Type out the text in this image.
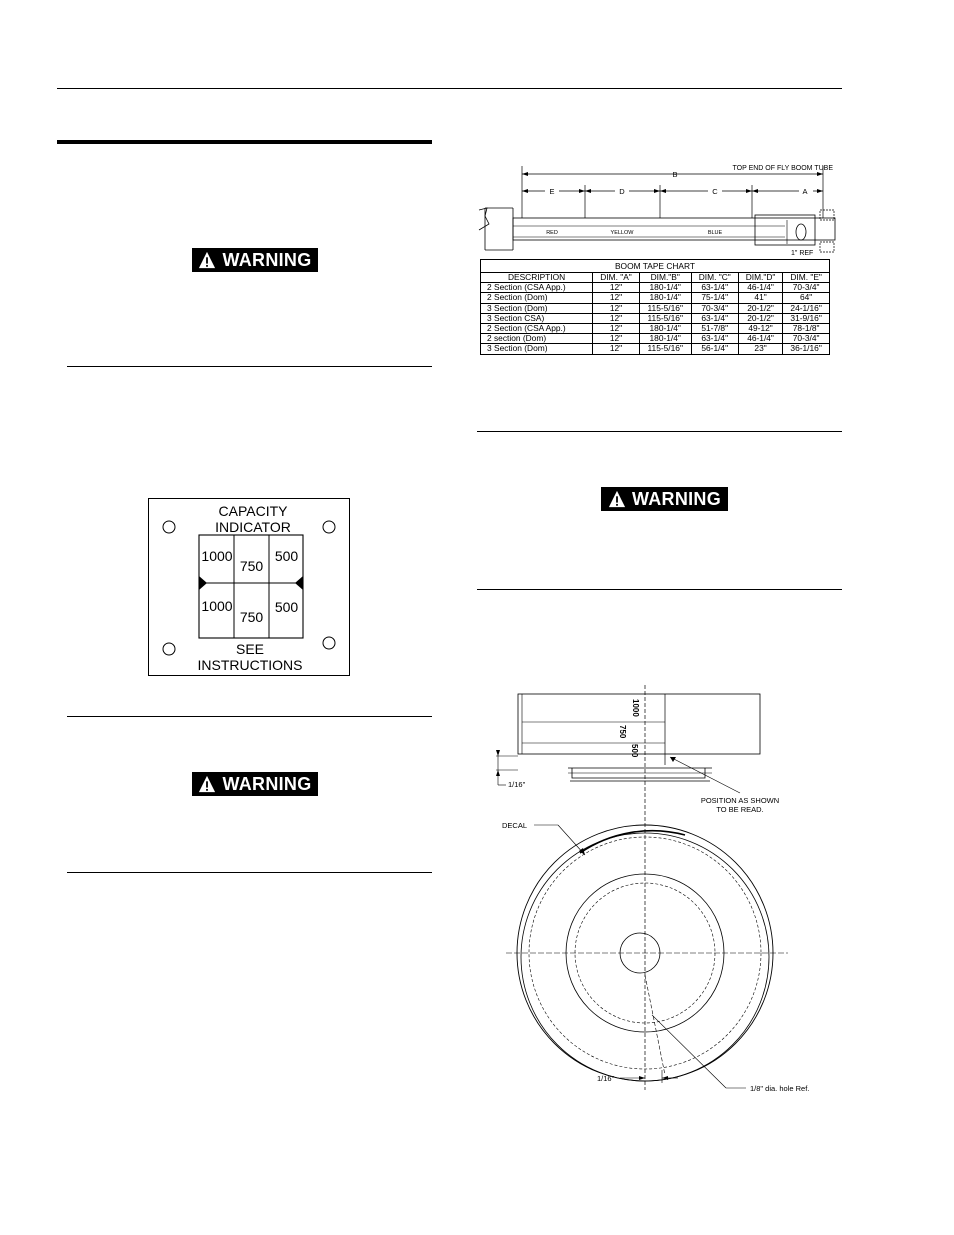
WARNING
CAPACITY
INDICATOR
1000
750
500
1000
750
500
SEE
INSTRUCTIONS
WARNING
B
TOP END OF FLY BOOM TUBE
E	D	C	A
RED	YELLOW	BLUE
1" REF
BOOM TAPE CHART					
DESCRIPTION	DIM. "A"	DIM."B"	DIM. "C"	DIM."D"	DIM. "E"
2 Section (CSA App.)	12"	180-1/4"	63-1/4"	46-1/4"	70-3/4"
2 Section (Dom)	12"	180-1/4"	75-1/4"	41"	64"
3 Section (Dom)	12"	115-5/16"	70-3/4"	20-1/2"	24-1/16"
3 Section CSA)	12"	115-5/16"	63-1/4"	20-1/2"	31-9/16"
2 Section (CSA App.)	12"	180-1/4"	51-7/8"	49-12"	78-1/8"
2 section (Dom)	12"	180-1/4"	63-1/4"	46-1/4"	70-3/4"
3 Section (Dom)	12"	115-5/16"	56-1/4"	23"	36-1/16"
WARNING
1000
750
500
1/16"
POSITION AS SHOWN
TO BE READ.
DECAL
1/16"
1/8" dia. hole Ref.
